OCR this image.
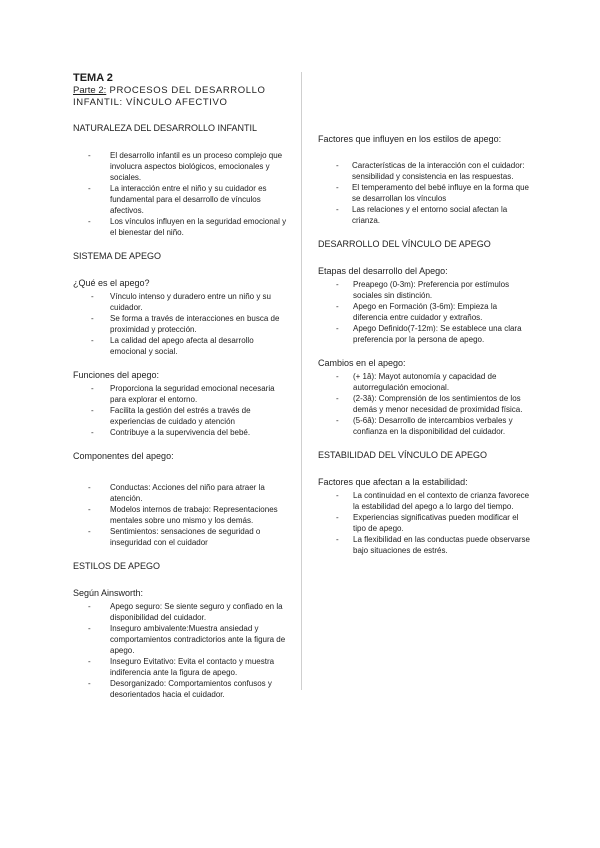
TEMA 2
Parte 2: PROCESOS DEL DESARROLLO
INFANTIL: VÍNCULO AFECTIVO
NATURALEZA DEL DESARROLLO INFANTIL
- El desarrollo infantil es un proceso complejo que involucra aspectos biológicos, emocionales y sociales.
- La interacción entre el niño y su cuidador es fundamental para el desarrollo de vínculos afectivos.
- Los vínculos influyen en la seguridad emocional y el bienestar del niño.
SISTEMA DE APEGO
¿Qué es el apego?
- Vínculo intenso y duradero entre un niño y su cuidador.
- Se forma a través de interacciones en busca de proximidad y protección.
- La calidad del apego afecta al desarrollo emocional y social.
Funciones del apego:
- Proporciona la seguridad emocional necesaria para explorar el entorno.
- Facilita la gestión del estrés a través de experiencias de cuidado y atención
- Contribuye a la supervivencia del bebé.
Componentes del apego:
- Conductas: Acciones del niño para atraer la atención.
- Modelos internos de trabajo: Representaciones mentales sobre uno mismo y los demás.
- Sentimientos: sensaciones de seguridad o inseguridad con el cuidador
ESTILOS DE APEGO
Según Ainsworth:
- Apego seguro: Se siente seguro y confiado en la disponibilidad del cuidador.
- Inseguro ambivalente:Muestra ansiedad y comportamientos contradictorios ante la figura de apego.
- Inseguro Evitativo: Evita el contacto y muestra indiferencia ante la figura de apego.
- Desorganizado: Comportamientos confusos y desorientados hacia el cuidador.
Factores que influyen en los estilos de apego:
- Características de la interacción con el cuidador: sensibilidad y consistencia en las respuestas.
- El temperamento del bebé influye en la forma que se desarrollan los vínculos
- Las relaciones y el entorno social afectan la crianza.
DESARROLLO DEL VÍNCULO DE APEGO
Etapas del desarrollo del Apego:
- Preapego (0-3m): Preferencia por estímulos sociales sin distinción.
- Apego en Formación (3-6m): Empieza la diferencia entre cuidador y extraños.
- Apego Definido(7-12m): Se establece una clara preferencia por la persona de apego.
Cambios en el apego:
- (+ 1â): Mayot autonomía y capacidad de autorregulación emocional.
- (2-3â): Comprensión de los sentimientos de los demás y menor necesidad de proximidad física.
- (5-6â): Desarrollo de intercambios verbales y confianza en la disponibilidad del cuidador.
ESTABILIDAD DEL VÍNCULO DE APEGO
Factores que afectan a la estabilidad:
- La continuidad en el contexto de crianza favorece la estabilidad del apego a lo largo del tiempo.
- Experiencias significativas pueden modificar el tipo de apego.
- La flexibilidad en las conductas puede observarse bajo situaciones de estrés.
